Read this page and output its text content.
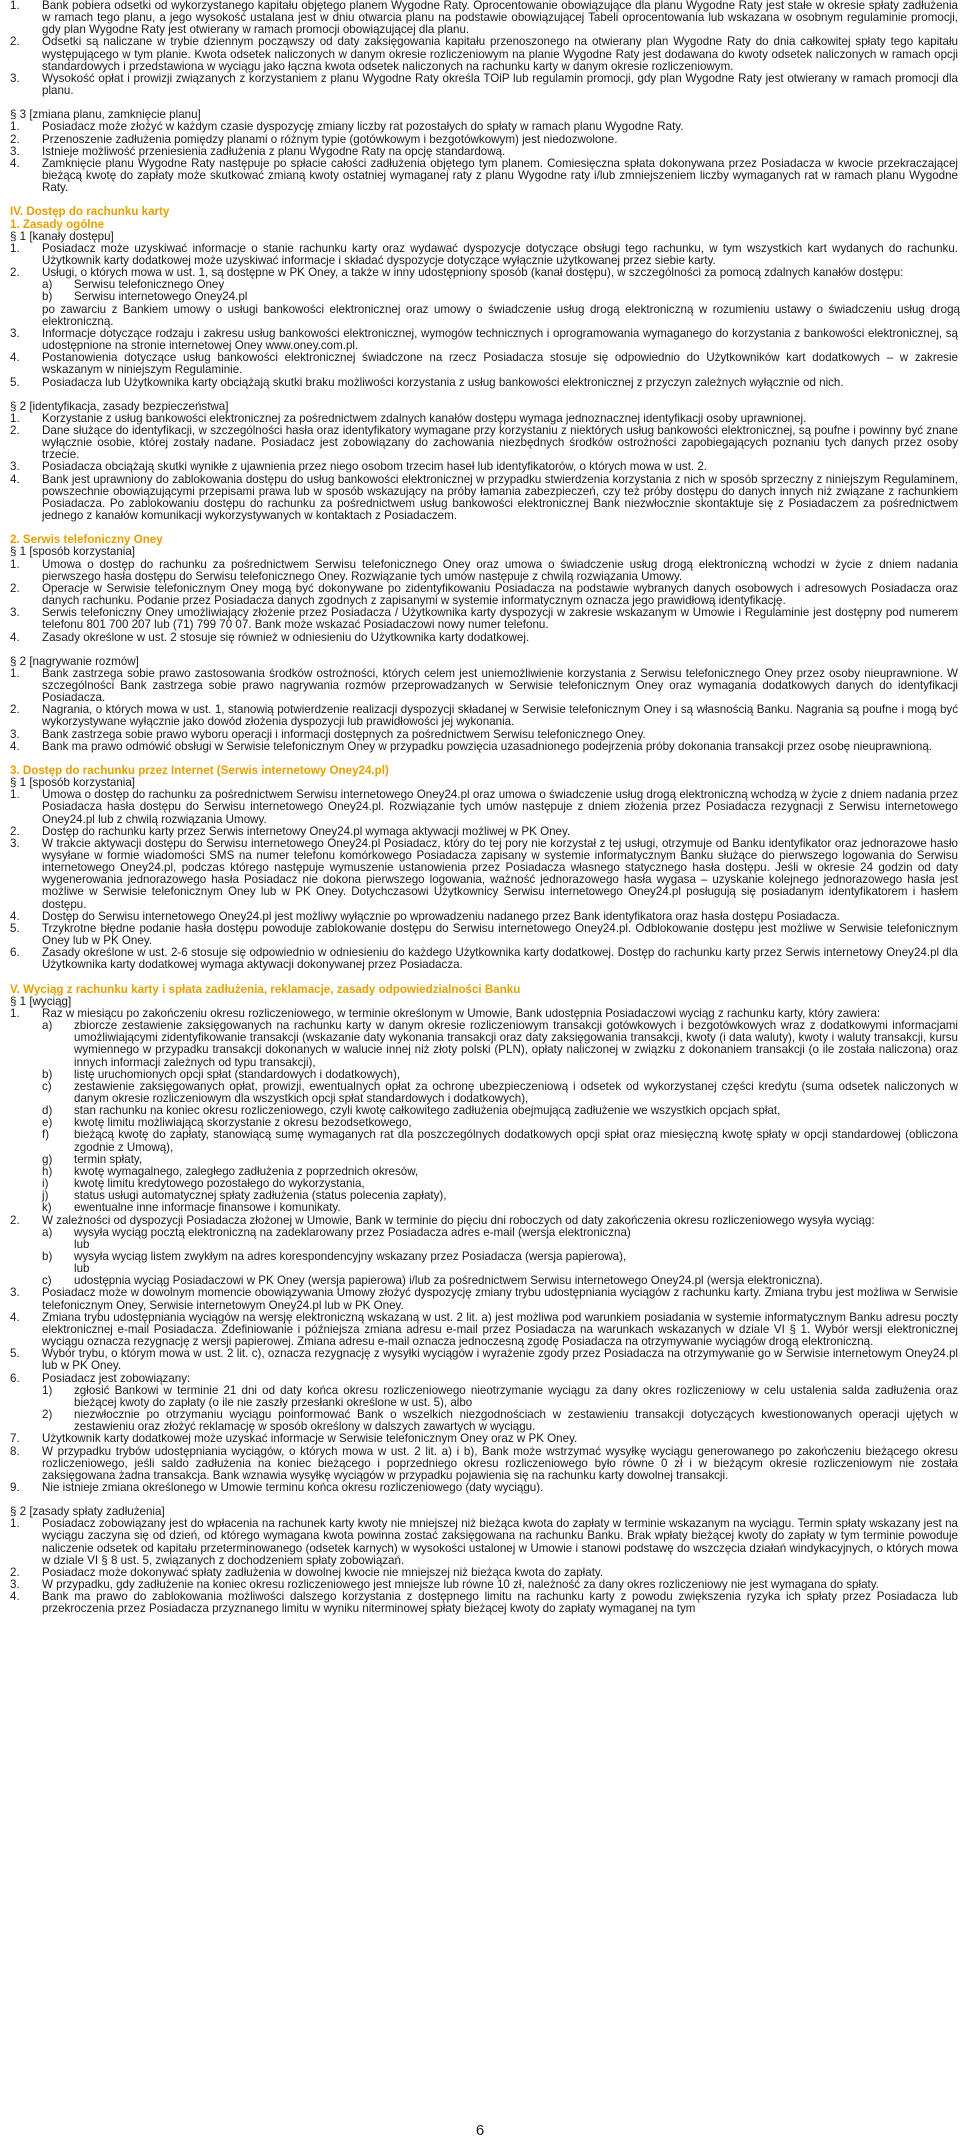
1.	Bank pobiera odsetki od wykorzystanego kapitału objętego planem Wygodne Raty. Oprocentowanie obowiązujące dla planu Wygodne Raty jest stałe w okresie spłaty zadłużenia w ramach tego planu, a jego wysokość ustalana jest w dniu otwarcia planu na podstawie obowiązującej Tabeli oprocentowania lub wskazana w osobnym regulaminie promocji, gdy plan Wygodne Raty jest otwierany w ramach promocji obowiązującej dla planu.
2.	Odsetki są naliczane w trybie dziennym począwszy od daty zaksięgowania kapitału przenoszonego na otwierany plan Wygodne Raty do dnia całkowitej spłaty tego kapitału występującego w tym planie. Kwota odsetek naliczonych w danym okresie rozliczeniowym na planie Wygodne Raty jest dodawana do kwoty odsetek naliczonych w ramach opcji standardowych i przedstawiona w wyciągu jako łączna kwota odsetek naliczonych na rachunku karty w danym okresie rozliczeniowym.
3.	Wysokość opłat i prowizji związanych z korzystaniem z planu Wygodne Raty określa TOiP lub regulamin promocji, gdy plan Wygodne Raty jest otwierany w ramach promocji dla planu.
§ 3 [zmiana planu, zamknięcie planu]
1.	Posiadacz może złożyć w każdym czasie dyspozycję zmiany liczby rat pozostałych do spłaty w ramach planu Wygodne Raty.
2.	Przenoszenie zadłużenia pomiędzy planami o różnym typie (gotówkowym i bezgotówkowym) jest niedozwolone.
3.	Istnieje możliwość przeniesienia zadłużenia z planu Wygodne Raty na opcję standardową.
4.	Zamknięcie planu Wygodne Raty następuje po spłacie całości zadłużenia objętego tym planem. Comiesięczna spłata dokonywana przez Posiadacza w kwocie przekraczającej bieżącą kwotę do zapłaty może skutkować zmianą kwoty ostatniej wymaganej raty z planu Wygodne raty i/lub zmniejszeniem liczby wymaganych rat w ramach planu Wygodne Raty.
IV. Dostęp do rachunku karty
1. Zasady ogólne
§ 1 [kanały dostępu]
1.	Posiadacz może uzyskiwać informacje o stanie rachunku karty oraz wydawać dyspozycje dotyczące obsługi tego rachunku, w tym wszystkich kart wydanych do rachunku. Użytkownik karty dodatkowej może uzyskiwać informacje i składać dyspozycje dotyczące wyłącznie użytkowanej przez siebie karty.
2.	Usługi, o których mowa w ust. 1, są dostępne w PK Oney, a także w inny udostępniony sposób (kanał dostępu), w szczególności za pomocą zdalnych kanałów dostępu:
a)	Serwisu telefonicznego Oney
b)	Serwisu internetowego Oney24.pl
po zawarciu z Bankiem umowy o usługi bankowości elektronicznej oraz umowy o świadczenie usług drogą elektroniczną w rozumieniu ustawy o świadczeniu usług drogą elektroniczną.
3.	Informacje dotyczące rodzaju i zakresu usług bankowości elektronicznej, wymogów technicznych i oprogramowania wymaganego do korzystania z bankowości elektronicznej, są udostępnione na stronie internetowej Oney www.oney.com.pl.
4.	Postanowienia dotyczące usług bankowości elektronicznej świadczone na rzecz Posiadacza stosuje się odpowiednio do Użytkowników kart dodatkowych – w zakresie wskazanym w niniejszym Regulaminie.
5.	Posiadacza lub Użytkownika karty obciążają skutki braku możliwości korzystania z usług bankowości elektronicznej z przyczyn zależnych wyłącznie od nich.
§ 2 [identyfikacja, zasady bezpieczeństwa]
1.	Korzystanie z usług bankowości elektronicznej za pośrednictwem zdalnych kanałów dostępu wymaga jednoznacznej identyfikacji osoby uprawnionej.
2.	Dane służące do identyfikacji, w szczególności hasła oraz identyfikatory wymagane przy korzystaniu z niektórych usług bankowości elektronicznej, są poufne i powinny być znane wyłącznie osobie, której zostały nadane. Posiadacz jest zobowiązany do zachowania niezbędnych środków ostrożności zapobiegających poznaniu tych danych przez osoby trzecie.
3.	Posiadacza obciążają skutki wynikłe z ujawnienia przez niego osobom trzecim haseł lub identyfikatorów, o których mowa w ust. 2.
4.	Bank jest uprawniony do zablokowania dostępu do usług bankowości elektronicznej w przypadku stwierdzenia korzystania z nich w sposób sprzeczny z niniejszym Regulaminem, powszechnie obowiązującymi przepisami prawa lub w sposób wskazujący na próby łamania zabezpieczeń, czy też próby dostępu do danych innych niż związane z rachunkiem Posiadacza. Po zablokowaniu dostępu do rachunku za pośrednictwem usług bankowości elektronicznej Bank niezwłocznie skontaktuje się z Posiadaczem za pośrednictwem jednego z kanałów komunikacji wykorzystywanych w kontaktach z Posiadaczem.
2. Serwis telefoniczny Oney
§ 1 [sposób korzystania]
1.	Umowa o dostęp do rachunku za pośrednictwem Serwisu telefonicznego Oney oraz umowa o świadczenie usług drogą elektroniczną wchodzi w życie z dniem nadania pierwszego hasła dostępu do Serwisu telefonicznego Oney. Rozwiązanie tych umów następuje z chwilą rozwiązania Umowy.
2.	Operacje w Serwisie telefonicznym Oney mogą być dokonywane po zidentyfikowaniu Posiadacza na podstawie wybranych danych osobowych i adresowych Posiadacza oraz danych rachunku. Podanie przez Posiadacza danych zgodnych z zapisanymi w systemie informatycznym oznacza jego prawidłową identyfikację.
3.	Serwis telefoniczny Oney umożliwiający złożenie przez Posiadacza / Użytkownika karty dyspozycji w zakresie wskazanym w Umowie i Regulaminie jest dostępny pod numerem telefonu 801 700 207 lub (71) 799 70 07. Bank może wskazać Posiadaczowi nowy numer telefonu.
4.	Zasady określone w ust. 2 stosuje się również w odniesieniu do Użytkownika karty dodatkowej.
§ 2 [nagrywanie rozmów]
1.	Bank zastrzega sobie prawo zastosowania środków ostrożności, których celem jest uniemożliwienie korzystania z Serwisu telefonicznego Oney przez osoby nieuprawnione. W szczególności Bank zastrzega sobie prawo nagrywania rozmów przeprowadzanych w Serwisie telefonicznym Oney oraz wymagania dodatkowych danych do identyfikacji Posiadacza.
2.	Nagrania, o których mowa w ust. 1, stanowią potwierdzenie realizacji dyspozycji składanej w Serwisie telefonicznym Oney i są własnością Banku. Nagrania są poufne i mogą być wykorzystywane wyłącznie jako dowód złożenia dyspozycji lub prawidłowości jej wykonania.
3.	Bank zastrzega sobie prawo wyboru operacji i informacji dostępnych za pośrednictwem Serwisu telefonicznego Oney.
4.	Bank ma prawo odmówić obsługi w Serwisie telefonicznym Oney w przypadku powzięcia uzasadnionego podejrzenia próby dokonania transakcji przez osobę nieuprawnioną.
3. Dostęp do rachunku przez Internet (Serwis internetowy Oney24.pl)
§ 1 [sposób korzystania]
1.	Umowa o dostęp do rachunku za pośrednictwem Serwisu internetowego Oney24.pl oraz umowa o świadczenie usług drogą elektroniczną wchodzą w życie z dniem nadania przez Posiadacza hasła dostępu do Serwisu internetowego Oney24.pl. Rozwiązanie tych umów następuje z dniem złożenia przez Posiadacza rezygnacji z Serwisu internetowego Oney24.pl lub z chwilą rozwiązania Umowy.
2.	Dostęp do rachunku karty przez Serwis internetowy Oney24.pl wymaga aktywacji możliwej w PK Oney.
3.	W trakcie aktywacji dostępu do Serwisu internetowego Oney24.pl Posiadacz, który do tej pory nie korzystał z tej usługi, otrzymuje od Banku identyfikator oraz jednorazowe hasło wysyłane w formie wiadomości SMS na numer telefonu komórkowego Posiadacza zapisany w systemie informatycznym Banku służące do pierwszego logowania do Serwisu internetowego Oney24.pl, podczas którego następuje wymuszenie ustanowienia przez Posiadacza własnego statycznego hasła dostępu. Jeśli w okresie 24 godzin od daty wygenerowania jednorazowego hasła Posiadacz nie dokona pierwszego logowania, ważność jednorazowego hasła wygasa – uzyskanie kolejnego jednorazowego hasła jest możliwe w Serwisie telefonicznym Oney lub w PK Oney. Dotychczasowi Użytkownicy Serwisu internetowego Oney24.pl posługują się posiadanym identyfikatorem i hasłem dostępu.
4.	Dostęp do Serwisu internetowego Oney24.pl jest możliwy wyłącznie po wprowadzeniu nadanego przez Bank identyfikatora oraz hasła dostępu Posiadacza.
5.	Trzykrotne błędne podanie hasła dostępu powoduje zablokowanie dostępu do Serwisu internetowego Oney24.pl. Odblokowanie dostępu jest możliwe w Serwisie telefonicznym Oney lub w PK Oney.
6.	Zasady określone w ust. 2-6 stosuje się odpowiednio w odniesieniu do każdego Użytkownika karty dodatkowej. Dostęp do rachunku karty przez Serwis internetowy Oney24.pl dla Użytkownika karty dodatkowej wymaga aktywacji dokonywanej przez Posiadacza.
V. Wyciąg z rachunku karty i spłata zadłużenia, reklamacje, zasady odpowiedzialności Banku
§ 1 [wyciąg]
1.	Raz w miesiącu po zakończeniu okresu rozliczeniowego, w terminie określonym w Umowie, Bank udostępnia Posiadaczowi wyciąg z rachunku karty, który zawiera:
a)	zbiorcze zestawienie zaksięgowanych na rachunku karty w danym okresie rozliczeniowym transakcji gotówkowych i bezgotówkowych wraz z dodatkowymi informacjami umożliwiającymi zidentyfikowanie transakcji (wskazanie daty wykonania transakcji oraz daty zaksięgowania transakcji, kwoty (i data waluty), kwoty i waluty transakcji, kursu wymiennego w przypadku transakcji dokonanych w walucie innej niż złoty polski (PLN), opłaty naliczonej w związku z dokonaniem transakcji (o ile została naliczona) oraz innych informacji zależnych od typu transakcji),
b)	listę uruchomionych opcji spłat (standardowych i dodatkowych),
c)	zestawienie zaksięgowanych opłat, prowizji, ewentualnych opłat za ochronę ubezpieczeniową i odsetek od wykorzystanej części kredytu (suma odsetek naliczonych w danym okresie rozliczeniowym dla wszystkich opcji spłat standardowych i dodatkowych),
d)	stan rachunku na koniec okresu rozliczeniowego, czyli kwotę całkowitego zadłużenia obejmującą zadłużenie we wszystkich opcjach spłat,
e)	kwotę limitu możliwiającą skorzystanie z okresu bezodsetkowego,
f)	bieżącą kwotę do zapłaty, stanowiącą sumę wymaganych rat dla poszczególnych dodatkowych opcji spłat oraz miesięczną kwotę spłaty w opcji standardowej (obliczona zgodnie z Umową),
g)	termin spłaty,
h)	kwotę wymagalnego, zaległego zadłużenia z poprzednich okresów,
i)	kwotę limitu kredytowego pozostałego do wykorzystania,
j)	status usługi automatycznej spłaty zadłużenia (status polecenia zapłaty),
k)	ewentualne inne informacje finansowe i komunikaty.
2.	W zależności od dyspozycji Posiadacza złożonej w Umowie, Bank w terminie do pięciu dni roboczych od daty zakończenia okresu rozliczeniowego wysyła wyciąg:
a)	wysyła wyciąg pocztą elektroniczną na zadeklarowany przez Posiadacza adres e-mail (wersja elektroniczna)
lub
b)	wysyła wyciąg listem zwykłym na adres korespondencyjny wskazany przez Posiadacza (wersja papierowa),
lub
c)	udostępnia wyciąg Posiadaczowi w PK Oney (wersja papierowa) i/lub za pośrednictwem Serwisu internetowego Oney24.pl (wersja elektroniczna).
3.	Posiadacz może w dowolnym momencie obowiązywania Umowy złożyć dyspozycję zmiany trybu udostępniania wyciągów z rachunku karty. Zmiana trybu jest możliwa w Serwisie telefonicznym Oney, Serwisie internetowym Oney24.pl lub w PK Oney.
4.	Zmiana trybu udostępniania wyciągów na wersję elektroniczną wskazaną w ust. 2 lit. a) jest możliwa pod warunkiem posiadania w systemie informatycznym Banku adresu poczty elektronicznej e-mail Posiadacza. Zdefiniowanie i późniejsza zmiana adresu e-mail przez Posiadacza na warunkach wskazanych w dziale VI § 1. Wybór wersji elektronicznej wyciągu oznacza rezygnację z wersji papierowej. Zmiana adresu e-mail oznacza jednoczesną zgodę Posiadacza na otrzymywanie wyciągów drogą elektroniczną.
5.	Wybór trybu, o którym mowa w ust. 2 lit. c), oznacza rezygnację z wysyłki wyciągów i wyrażenie zgody przez Posiadacza na otrzymywanie go w Serwisie internetowym Oney24.pl lub w PK Oney.
6.	Posiadacz jest zobowiązany:
1)	zgłosić Bankowi w terminie 21 dni od daty końca okresu rozliczeniowego nieotrzymanie wyciągu za dany okres rozliczeniowy w celu ustalenia salda zadłużenia oraz bieżącej kwoty do zapłaty (o ile nie zaszły przesłanki określone w ust. 5), albo
2)	niezwłocznie po otrzymaniu wyciągu poinformować Bank o wszelkich niezgodnościach w zestawieniu transakcji dotyczących kwestionowanych operacji ujętych w zestawieniu oraz złożyć reklamację w sposób określony w dalszych zawartych w wyciągu.
7.	Użytkownik karty dodatkowej może uzyskać informacje w Serwisie telefonicznym Oney oraz w PK Oney.
8.	W przypadku trybów udostępniania wyciągów, o których mowa w ust. 2 lit. a) i b), Bank może wstrzymać wysyłkę wyciągu generowanego po zakończeniu bieżącego okresu rozliczeniowego, jeśli saldo zadłużenia na koniec bieżącego i poprzedniego okresu rozliczeniowego było równe 0 zł i w bieżącym okresie rozliczeniowym nie została zaksięgowana żadna transakcja. Bank wznawia wysyłkę wyciągów w przypadku pojawienia się na rachunku karty dowolnej transakcji.
9.	Nie istnieje zmiana określonego w Umowie terminu końca okresu rozliczeniowego (daty wyciągu).
§ 2 [zasady spłaty zadłużenia]
1.	Posiadacz zobowiązany jest do wpłacenia na rachunek karty kwoty nie mniejszej niż bieżąca kwota do zapłaty w terminie wskazanym na wyciągu. Termin spłaty wskazany jest na wyciągu zaczyna się od dzień, od którego wymagana kwota powinna zostać zaksięgowana na rachunku Banku. Brak wpłaty bieżącej kwoty do zapłaty w tym terminie powoduje naliczenie odsetek od kapitału przeterminowanego (odsetek karnych) w wysokości ustalonej w Umowie i stanowi podstawę do wszczęcia działań windykacyjnych, o których mowa w dziale VI § 8 ust. 5, związanych z dochodzeniem spłaty zobowiązań.
2.	Posiadacz może dokonywać spłaty zadłużenia w dowolnej kwocie nie mniejszej niż bieżąca kwota do zapłaty.
3.	W przypadku, gdy zadłużenie na koniec okresu rozliczeniowego jest mniejsze lub równe 10 zł, należność za dany okres rozliczeniowy nie jest wymagana do spłaty.
4.	Bank ma prawo do zablokowania możliwości dalszego korzystania z dostępnego limitu na rachunku karty z powodu zwiększenia ryzyka ich spłaty przez Posiadacza lub przekroczenia przez Posiadacza przyznanego limitu w wyniku niterminowej spłaty bieżącej kwoty do zapłaty wymaganej na tym
6
